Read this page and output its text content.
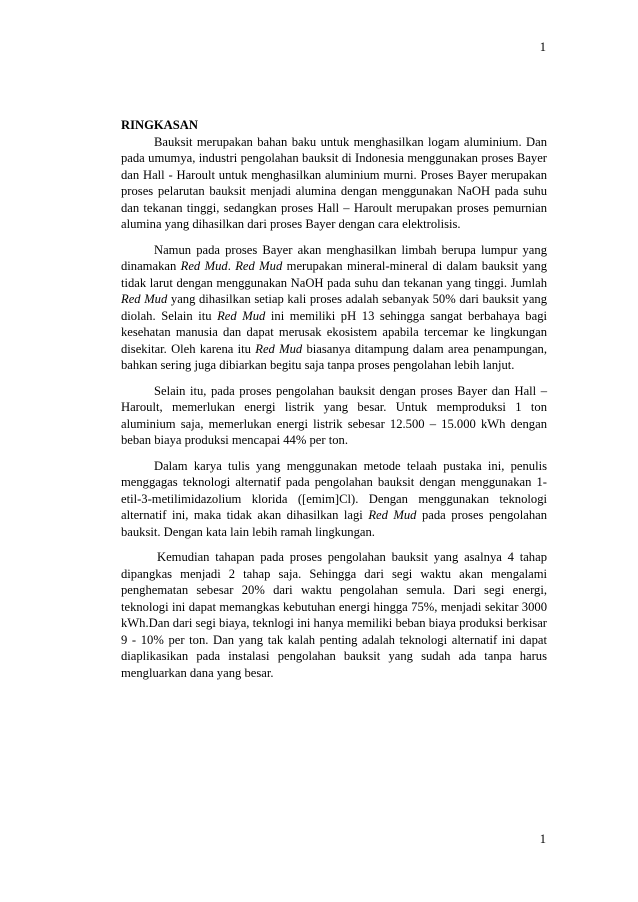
1

RINGKASAN

Bauksit merupakan bahan baku untuk menghasilkan logam aluminium. Dan pada umumya, industri pengolahan bauksit di Indonesia menggunakan proses Bayer dan Hall - Haroult untuk menghasilkan aluminium murni. Proses Bayer merupakan proses pelarutan bauksit menjadi alumina dengan menggunakan NaOH pada suhu dan tekanan tinggi, sedangkan proses Hall – Haroult merupakan proses pemurnian alumina yang dihasilkan dari proses Bayer dengan cara elektrolisis.

Namun pada proses Bayer akan menghasilkan limbah berupa lumpur yang dinamakan Red Mud. Red Mud merupakan mineral-mineral di dalam bauksit yang tidak larut dengan menggunakan NaOH pada suhu dan tekanan yang tinggi. Jumlah Red Mud yang dihasilkan setiap kali proses adalah sebanyak 50% dari bauksit yang diolah. Selain itu Red Mud ini memiliki pH 13 sehingga sangat berbahaya bagi kesehatan manusia dan dapat merusak ekosistem apabila tercemar ke lingkungan disekitar. Oleh karena itu Red Mud biasanya ditampung dalam area penampungan, bahkan sering juga dibiarkan begitu saja tanpa proses pengolahan lebih lanjut.

Selain itu, pada proses pengolahan bauksit dengan proses Bayer dan Hall – Haroult, memerlukan energi listrik yang besar. Untuk memproduksi 1 ton aluminium saja, memerlukan energi listrik sebesar 12.500 – 15.000 kWh dengan beban biaya produksi mencapai 44% per ton.

Dalam karya tulis yang menggunakan metode telaah pustaka ini, penulis menggagas teknologi alternatif pada pengolahan bauksit dengan menggunakan 1-etil-3-metilimidazolium klorida ([emim]Cl). Dengan menggunakan teknologi alternatif ini, maka tidak akan dihasilkan lagi Red Mud pada proses pengolahan bauksit. Dengan kata lain lebih ramah lingkungan.

Kemudian tahapan pada proses pengolahan bauksit yang asalnya 4 tahap dipangkas menjadi 2 tahap saja. Sehingga dari segi waktu akan mengalami penghematan sebesar 20% dari waktu pengolahan semula. Dari segi energi, teknologi ini dapat memangkas kebutuhan energi hingga 75%, menjadi sekitar 3000 kWh.Dan dari segi biaya, teknlogi ini hanya memiliki beban biaya produksi berkisar 9 - 10% per ton. Dan yang tak kalah penting adalah teknologi alternatif ini dapat diaplikasikan pada instalasi pengolahan bauksit yang sudah ada tanpa harus mengluarkan dana yang besar.

1
